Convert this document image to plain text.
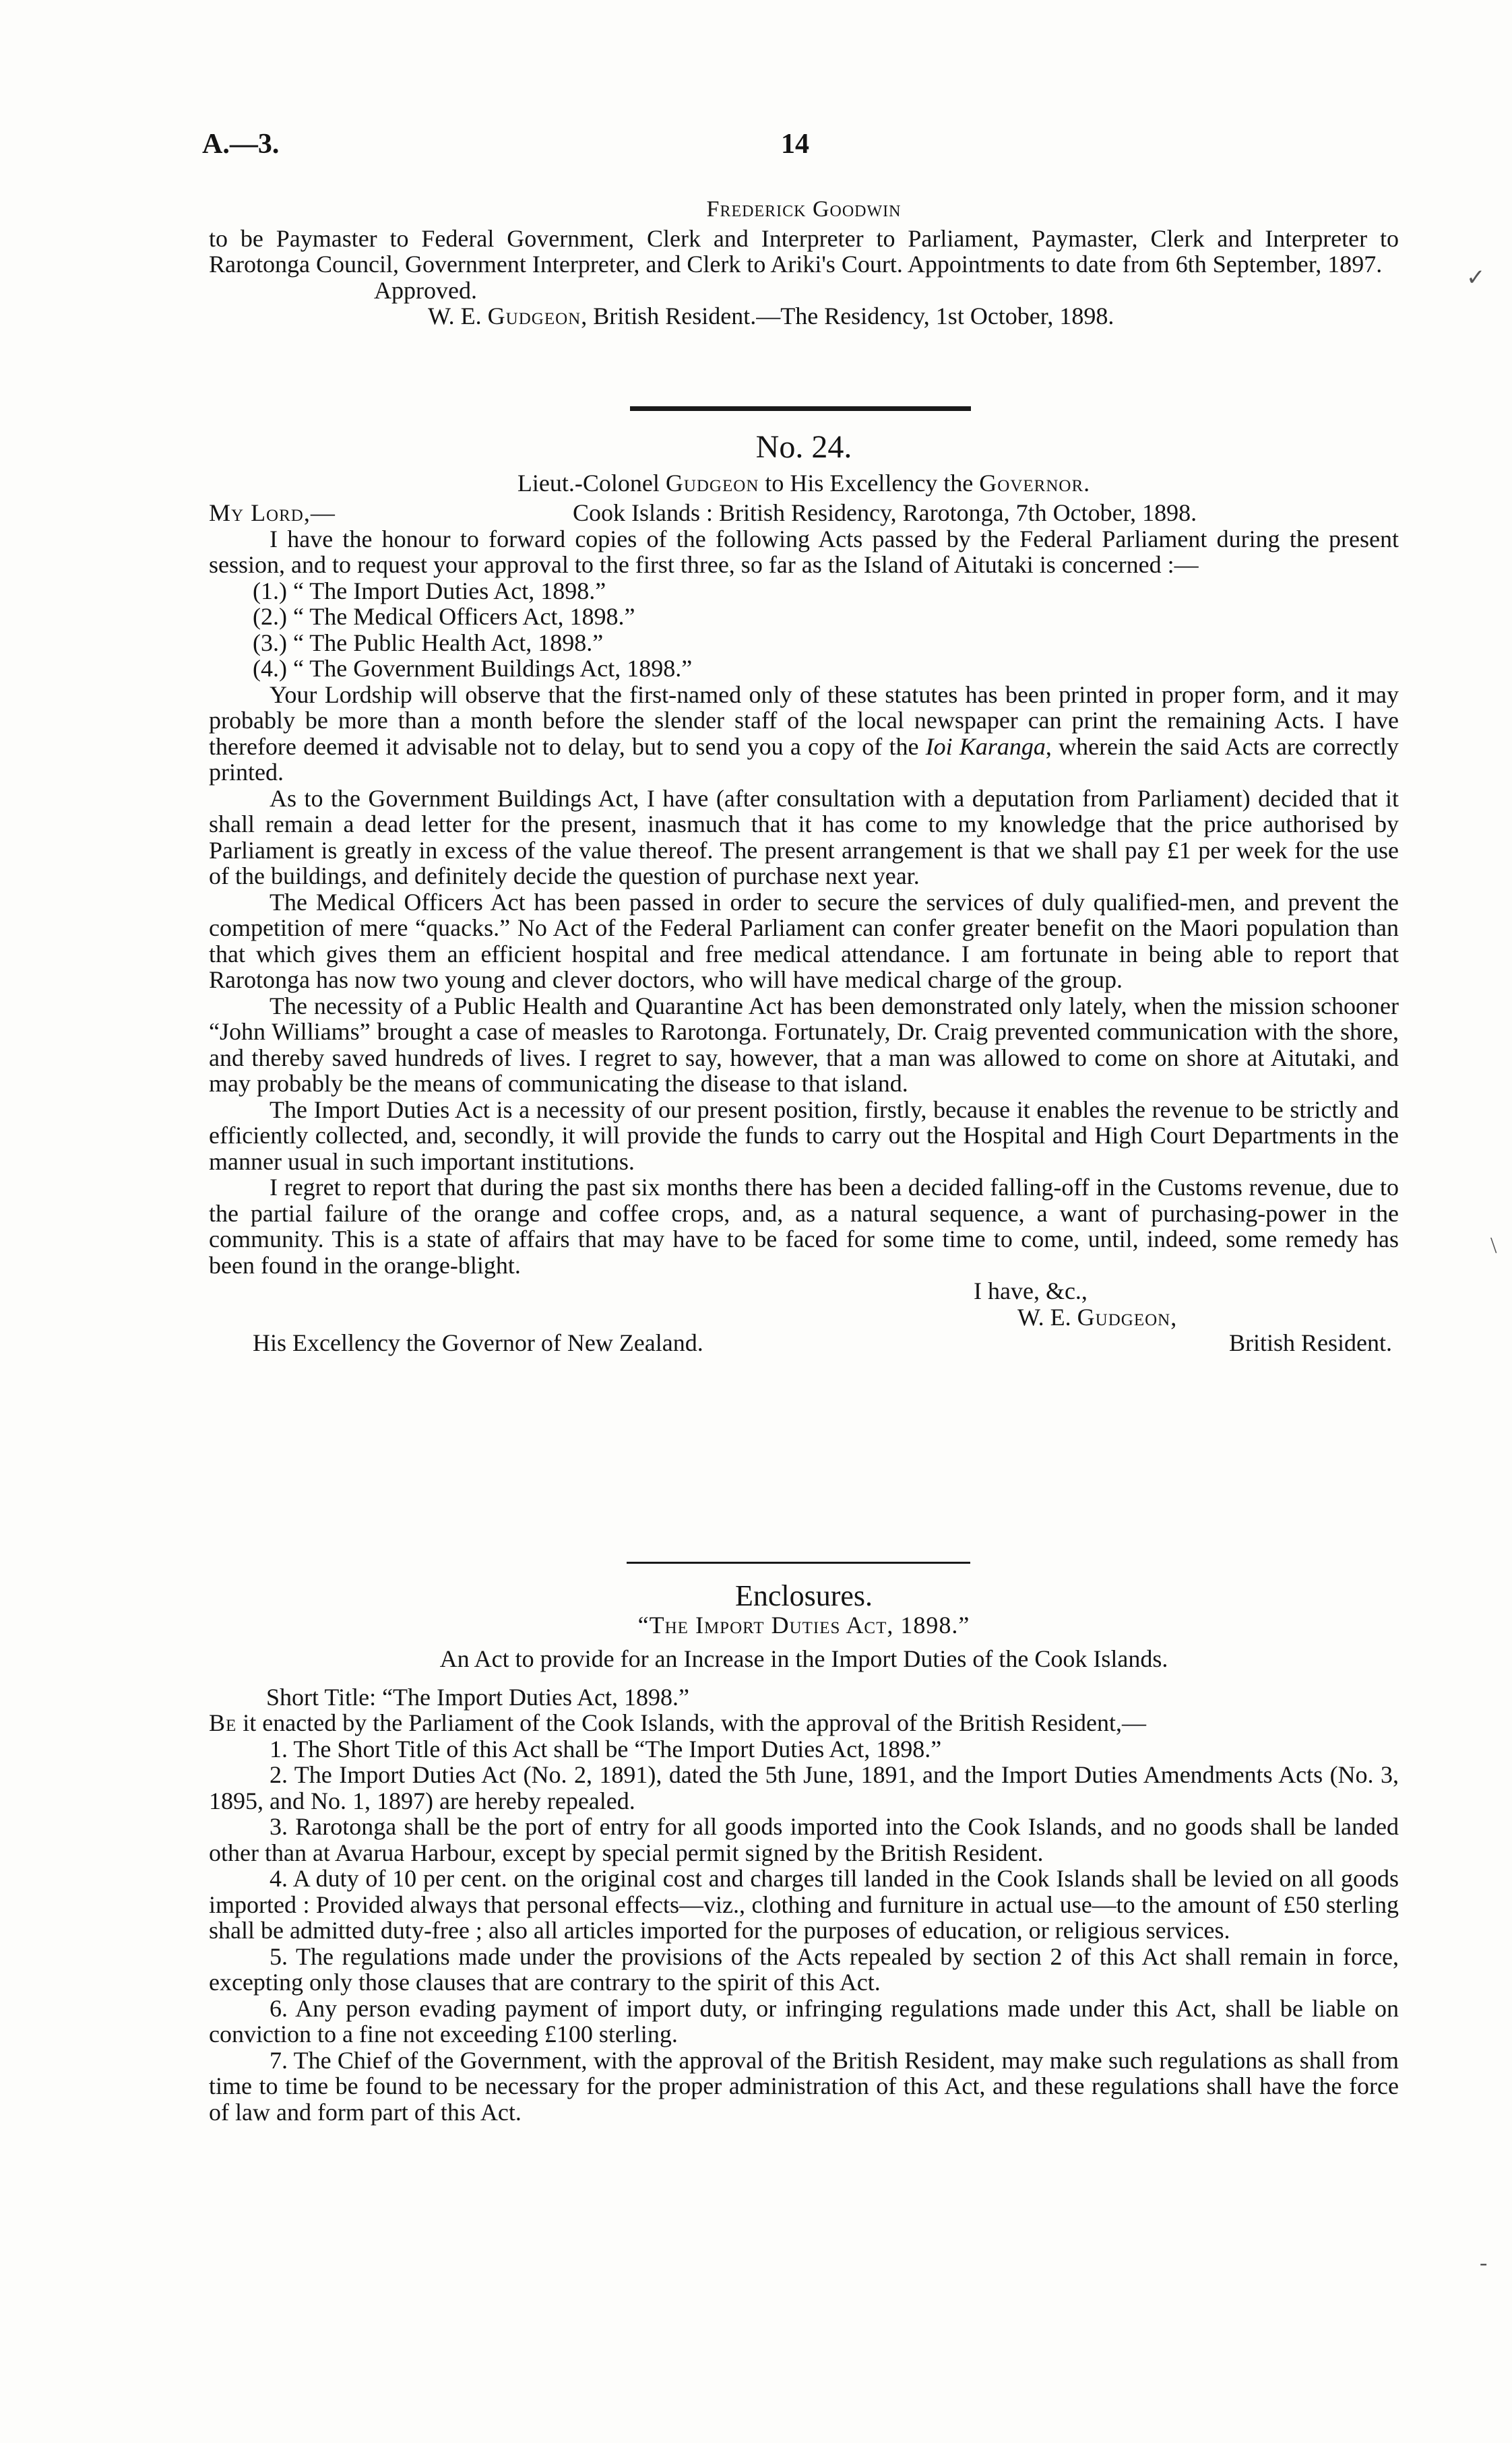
A.—3.	14
Frederick Goodwin

to be Paymaster to Federal Government, Clerk and Interpreter to Parliament, Paymaster, Clerk and Interpreter to Rarotonga Council, Government Interpreter, and Clerk to Ariki's Court. Appointments to date from 6th September, 1897.

Approved.

W. E. Gudgeon, British Resident.—The Residency, 1st October, 1898.

No. 24.
Lieut.-Colonel Gudgeon to His Excellency the Governor.
My Lord,—	Cook Islands : British Residency, Rarotonga, 7th October, 1898.

I have the honour to forward copies of the following Acts passed by the Federal Parliament during the present session, and to request your approval to the first three, so far as the Island of Aitutaki is concerned :—

(1.) “ The Import Duties Act, 1898.”
(2.) “ The Medical Officers Act, 1898.”
(3.) “ The Public Health Act, 1898.”
(4.) “ The Government Buildings Act, 1898.”

Your Lordship will observe that the first-named only of these statutes has been printed in proper form, and it may probably be more than a month before the slender staff of the local newspaper can print the remaining Acts. I have therefore deemed it advisable not to delay, but to send you a copy of the Ioi Karanga, wherein the said Acts are correctly printed.

As to the Government Buildings Act, I have (after consultation with a deputation from Parliament) decided that it shall remain a dead letter for the present, inasmuch that it has come to my knowledge that the price authorised by Parliament is greatly in excess of the value thereof. The present arrangement is that we shall pay £1 per week for the use of the buildings, and definitely decide the question of purchase next year.

The Medical Officers Act has been passed in order to secure the services of duly qualified-men, and prevent the competition of mere “quacks.” No Act of the Federal Parliament can confer greater benefit on the Maori population than that which gives them an efficient hospital and free medical attendance. I am fortunate in being able to report that Rarotonga has now two young and clever doctors, who will have medical charge of the group.

The necessity of a Public Health and Quarantine Act has been demonstrated only lately, when the mission schooner “John Williams” brought a case of measles to Rarotonga. Fortunately, Dr. Craig prevented communication with the shore, and thereby saved hundreds of lives. I regret to say, however, that a man was allowed to come on shore at Aitutaki, and may probably be the means of communicating the disease to that island.

The Import Duties Act is a necessity of our present position, firstly, because it enables the revenue to be strictly and efficiently collected, and, secondly, it will provide the funds to carry out the Hospital and High Court Departments in the manner usual in such important institutions.

I regret to report that during the past six months there has been a decided falling-off in the Customs revenue, due to the partial failure of the orange and coffee crops, and, as a natural sequence, a want of purchasing-power in the community. This is a state of affairs that may have to be faced for some time to come, until, indeed, some remedy has been found in the orange-blight.

I have, &c.,
W. E. Gudgeon,
His Excellency the Governor of New Zealand.	British Resident.
Enclosures.
“The Import Duties Act, 1898.”
An Act to provide for an Increase in the Import Duties of the Cook Islands.

Short Title: “The Import Duties Act, 1898.”

Be it enacted by the Parliament of the Cook Islands, with the approval of the British Resident,—

1. The Short Title of this Act shall be “The Import Duties Act, 1898.”

2. The Import Duties Act (No. 2, 1891), dated the 5th June, 1891, and the Import Duties Amendments Acts (No. 3, 1895, and No. 1, 1897) are hereby repealed.

3. Rarotonga shall be the port of entry for all goods imported into the Cook Islands, and no goods shall be landed other than at Avarua Harbour, except by special permit signed by the British Resident.

4. A duty of 10 per cent. on the original cost and charges till landed in the Cook Islands shall be levied on all goods imported : Provided always that personal effects—viz., clothing and furniture in actual use—to the amount of £50 sterling shall be admitted duty-free ; also all articles imported for the purposes of education, or religious services.

5. The regulations made under the provisions of the Acts repealed by section 2 of this Act shall remain in force, excepting only those clauses that are contrary to the spirit of this Act.

6. Any person evading payment of import duty, or infringing regulations made under this Act, shall be liable on conviction to a fine not exceeding £100 sterling.

7. The Chief of the Government, with the approval of the British Resident, may make such regulations as shall from time to time be found to be necessary for the proper administration of this Act, and these regulations shall have the force of law and form part of this Act.

✓
\
-
